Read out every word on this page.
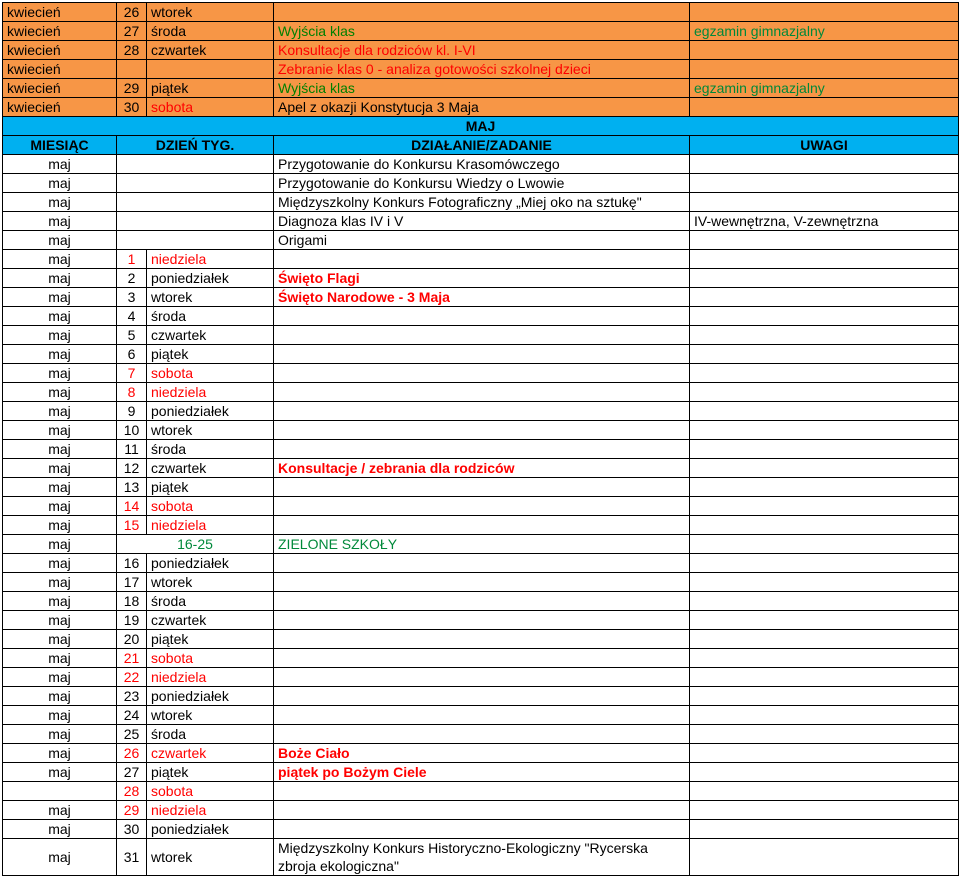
kwiecień	26	wtorek		
kwiecień	27	środa	Wyjścia klas	egzamin gimnazjalny
kwiecień	28	czwartek	Konsultacje dla rodziców kl. I-VI	
kwiecień			Zebranie klas 0 - analiza gotowości szkolnej dzieci	
kwiecień	29	piątek	Wyjścia klas	egzamin gimnazjalny
kwiecień	30	sobota	Apel z okazji Konstytucja 3 Maja	
MAJ				
MIESIĄC	DZIEŃ TYG.		DZIAŁANIE/ZADANIE	UWAGI
maj			Przygotowanie do Konkursu Krasomówczego	
maj			Przygotowanie do Konkursu Wiedzy o Lwowie	
maj			Międzyszkolny Konkurs Fotograficzny „Miej oko na sztukę"	
maj			Diagnoza klas IV i V	IV-wewnętrzna, V-zewnętrzna
maj			Origami	
maj	1	niedziela		
maj	2	poniedziałek	Święto Flagi	
maj	3	wtorek	Święto Narodowe - 3 Maja	
maj	4	środa		
maj	5	czwartek		
maj	6	piątek		
maj	7	sobota		
maj	8	niedziela		
maj	9	poniedziałek		
maj	10	wtorek		
maj	11	środa		
maj	12	czwartek	Konsultacje / zebrania dla rodziców	
maj	13	piątek		
maj	14	sobota		
maj	15	niedziela		
maj	16-25		ZIELONE SZKOŁY	
maj	16	poniedziałek		
maj	17	wtorek		
maj	18	środa		
maj	19	czwartek		
maj	20	piątek		
maj	21	sobota		
maj	22	niedziela		
maj	23	poniedziałek		
maj	24	wtorek		
maj	25	środa		
maj	26	czwartek	Boże Ciało	
maj	27	piątek	piątek po Bożym Ciele	
	28	sobota		
maj	29	niedziela		
maj	30	poniedziałek		
maj	31	wtorek	Międzyszkolny Konkurs Historyczno-Ekologiczny "Rycerska zbroja ekologiczna"	
